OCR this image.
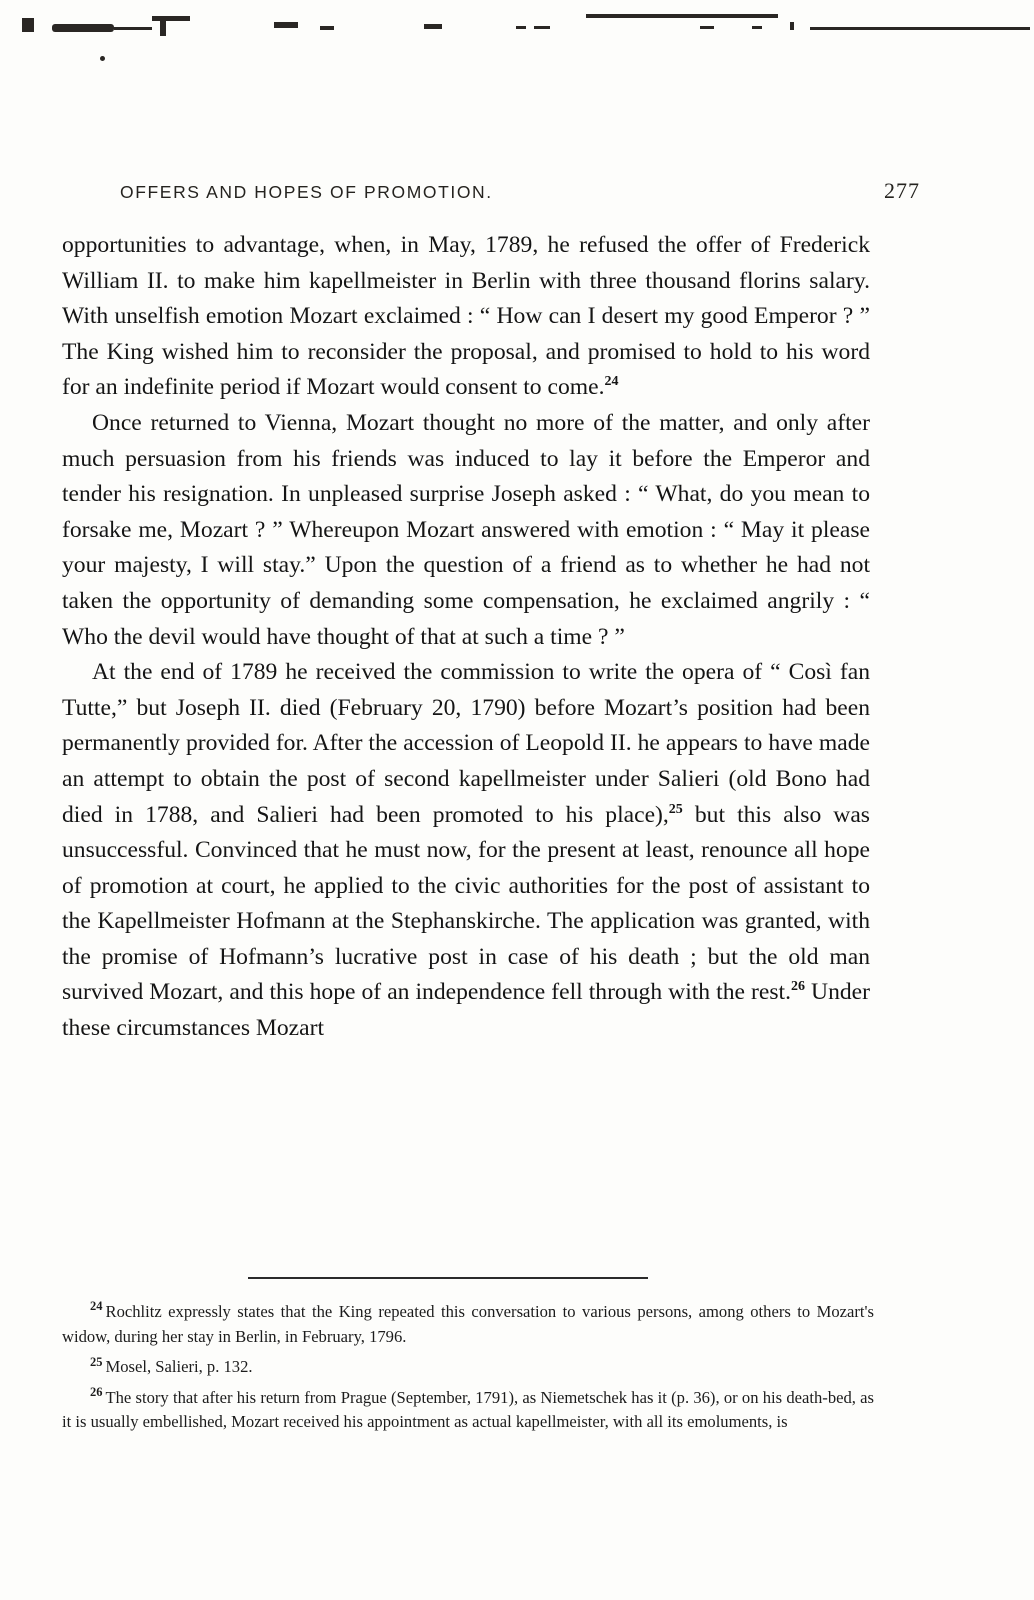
OFFERS AND HOPES OF PROMOTION.	277

opportunities to advantage, when, in May, 1789, he refused the offer of Frederick William II. to make him kapellmeister in Berlin with three thousand florins salary. With unselfish emotion Mozart exclaimed : “ How can I desert my good Emperor ? ” The King wished him to reconsider the proposal, and promised to hold to his word for an indefinite period if Mozart would consent to come.$^{24}$

Once returned to Vienna, Mozart thought no more of the matter, and only after much persuasion from his friends was induced to lay it before the Emperor and tender his resignation. In unpleased surprise Joseph asked : “ What, do you mean to forsake me, Mozart ? ” Whereupon Mozart answered with emotion : “ May it please your majesty, I will stay.” Upon the question of a friend as to whether he had not taken the opportunity of demanding some compensation, he exclaimed angrily : “ Who the devil would have thought of that at such a time ? ”

At the end of 1789 he received the commission to write the opera of “ Così fan Tutte,” but Joseph II. died (February 20, 1790) before Mozart’s position had been permanently provided for. After the accession of Leopold II. he appears to have made an attempt to obtain the post of second kapellmeister under Salieri (old Bono had died in 1788, and Salieri had been promoted to his place),$^{25}$ but this also was unsuccessful. Convinced that he must now, for the present at least, renounce all hope of promotion at court, he applied to the civic authorities for the post of assistant to the Kapellmeister Hofmann at the Stephanskirche. The application was granted, with the promise of Hofmann’s lucrative post in case of his death ; but the old man survived Mozart, and this hope of an independence fell through with the rest.$^{26}$ Under these circumstances Mozart

$^{24}$ Rochlitz expressly states that the King repeated this conversation to various persons, among others to Mozart's widow, during her stay in Berlin, in February, 1796.

$^{25}$ Mosel, Salieri, p. 132.

$^{26}$ The story that after his return from Prague (September, 1791), as Niemetschek has it (p. 36), or on his death-bed, as it is usually embellished, Mozart received his appointment as actual kapellmeister, with all its emoluments, is
